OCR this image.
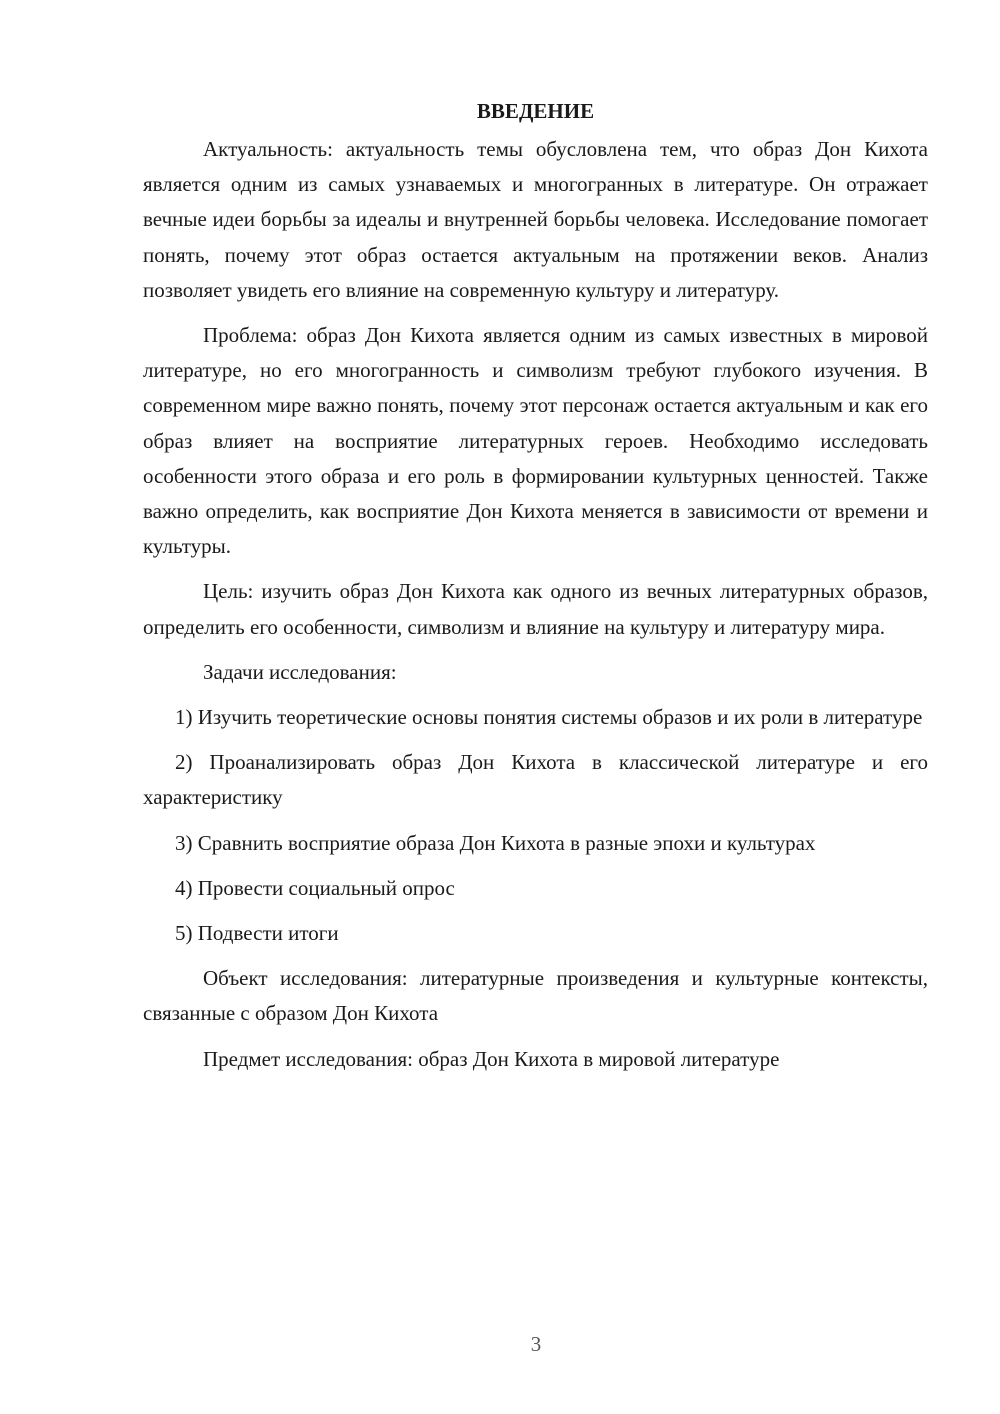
ВВЕДЕНИЕ

Актуальность: актуальность темы обусловлена тем, что образ Дон Кихота является одним из самых узнаваемых и многогранных в литературе. Он отражает вечные идеи борьбы за идеалы и внутренней борьбы человека. Исследование помогает понять, почему этот образ остается актуальным на протяжении веков. Анализ позволяет увидеть его влияние на современную культуру и литературу.

Проблема: образ Дон Кихота является одним из самых известных в мировой литературе, но его многогранность и символизм требуют глубокого изучения. В современном мире важно понять, почему этот персонаж остается актуальным и как его образ влияет на восприятие литературных героев. Необходимо исследовать особенности этого образа и его роль в формировании культурных ценностей. Также важно определить, как восприятие Дон Кихота меняется в зависимости от времени и культуры.

Цель: изучить образ Дон Кихота как одного из вечных литературных образов, определить его особенности, символизм и влияние на культуру и литературу мира.

Задачи исследования:

1) Изучить теоретические основы понятия системы образов и их роли в литературе

2) Проанализировать образ Дон Кихота в классической литературе и его характеристику

3) Сравнить восприятие образа Дон Кихота в разные эпохи и культурах

4) Провести социальный опрос

5) Подвести итоги

Объект исследования: литературные произведения и культурные контексты, связанные с образом Дон Кихота

Предмет исследования: образ Дон Кихота в мировой литературе

3
